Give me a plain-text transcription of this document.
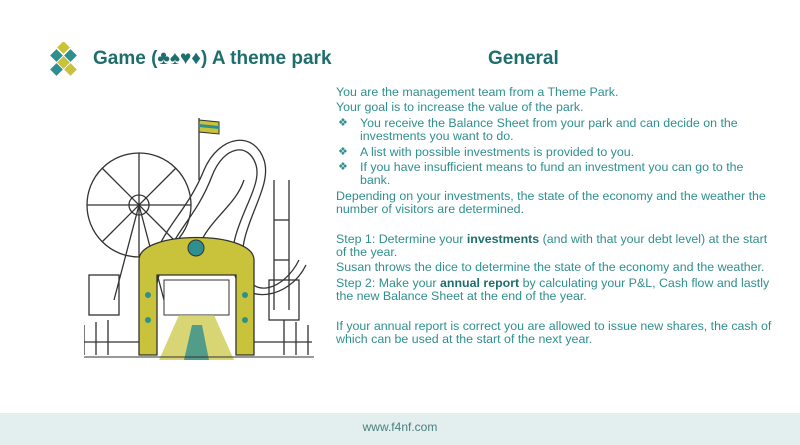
Game (♣♠♥♦) A theme park	General

You are the management team from a Theme Park.

Your goal is to increase the value of the park.

❖ You receive the Balance Sheet from your park and can decide on the investments you want to do.
❖ A list with possible investments is provided to you.
❖ If you have insufficient means to fund an investment you can go to the bank.

Depending on your investments, the state of the economy and the weather the number of visitors are determined.

Step 1: Determine your investments (and with that your debt level) at the start of the year.

Susan throws the dice to determine the state of the economy and the weather.

Step 2: Make your annual report by calculating your P&L, Cash flow and lastly the new Balance Sheet at the end of the year.

If your annual report is correct you are allowed to issue new shares, the cash of which can be used at the start of the next year.

www.f4nf.com
